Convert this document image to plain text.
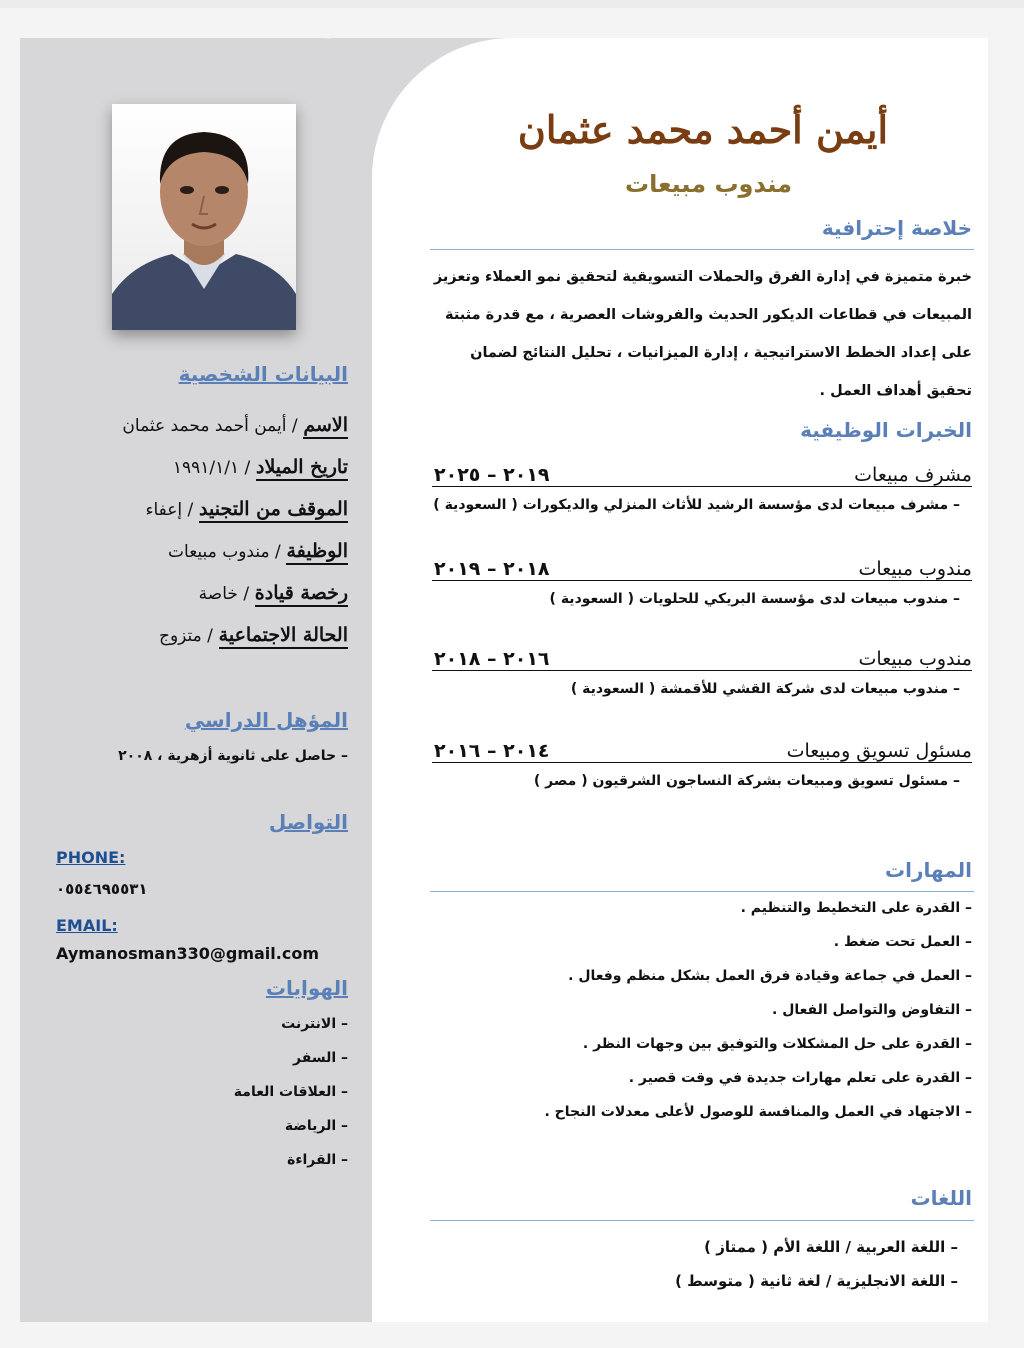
أيمن أحمد محمد عثمان

مندوب مبيعات

خلاصة إحترافية

خبرة متميزة في إدارة الفرق والحملات التسويقية لتحقيق نمو العملاء وتعزيز المبيعات في قطاعات الديكور الحديث والفروشات العصرية ، مع قدرة مثبتة على إعداد الخطط الاستراتيجية ، إدارة الميزانيات ، تحليل النتائج لضمان تحقيق أهداف العمل .

الخبرات الوظيفية
مشرف مبيعات
٢٠١٩ – ٢٠٢٥

– مشرف مبيعات لدى مؤسسة الرشيد للأثاث المنزلي والديكورات ( السعودية )

مندوب مبيعات
٢٠١٨ – ٢٠١٩

– مندوب مبيعات لدى مؤسسة البريكي للحلويات ( السعودية )

مندوب مبيعات
٢٠١٦ – ٢٠١٨

– مندوب مبيعات لدى شركة القشي للأقمشة ( السعودية )

مسئول تسويق ومبيعات
٢٠١٤ – ٢٠١٦

– مسئول تسويق ومبيعات بشركة النساجون الشرقيون ( مصر )

المهارات
– القدرة على التخطيط والتنظيم .
– العمل تحت ضغط .
– العمل في جماعة وقيادة فرق العمل بشكل منظم وفعال .
– التفاوض والتواصل الفعال .
– القدرة على حل المشكلات والتوفيق بين وجهات النظر .
– القدرة على تعلم مهارات جديدة في وقت قصير .
– الاجتهاد في العمل والمنافسة للوصول لأعلى معدلات النجاح .
اللغات
– اللغة العربية / اللغة الأم ( ممتاز )
– اللغة الانجليزية / لغة ثانية ( متوسط )
البيانات الشخصية
الاسم / أيمن أحمد محمد عثمان
تاريخ الميلاد / ١٩٩١/١/١
الموقف من التجنيد / إعفاء
الوظيفة / مندوب مبيعات
رخصة قيادة / خاصة
الحالة الاجتماعية / متزوج
المؤهل الدراسي

– حاصل على ثانوية أزهرية ، ٢٠٠٨

التواصل

PHONE:

٠٥٥٤٦٩٥٥٣١

EMAIL:

Aymanosman330@gmail.com

الهوايات
– الانترنت
– السفر
– العلاقات العامة
– الرياضة
– القراءة
